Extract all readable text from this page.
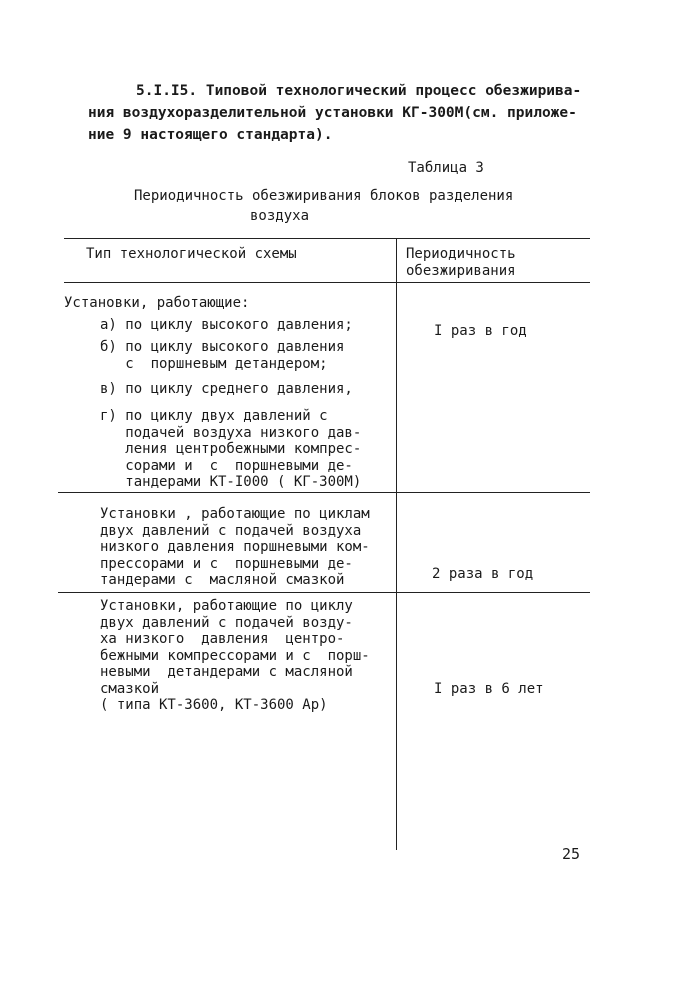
5.I.I5. Типовой технологический процесс обезжирива-
ния воздухоразделительной установки КГ-300М(см. приложе-
ние 9 настоящего стандарта).
Таблица 3
Периодичность обезжиривания блоков разделения
воздуха
Тип технологической схемы	Периодичность
обезжиривания
Установки, работающие:
а) по циклу высокого давления;
б) по циклу высокого давления
с  поршневым детандером;
в) по циклу среднего давления,
г) по циклу двух давлений с
подачей воздуха низкого дав-
ления центробежными компрес-
сорами и  с  поршневыми де-
тандерами КТ-I000 ( КГ-300М)
I раз в год
Установки , работающие по циклам
двух давлений с подачей воздуха
низкого давления поршневыми ком-
прессорами и с  поршневыми де-
тандерами с  масляной смазкой	2 раза в год
Установки, работающие по циклу
двух давлений с подачей возду-
ха низкого  давления  центро-
бежными компрессорами и с  порш-
невыми  детандерами с масляной
смазкой
( типа КТ-3600, КТ-3600 Ар)
I раз в 6 лет
25
